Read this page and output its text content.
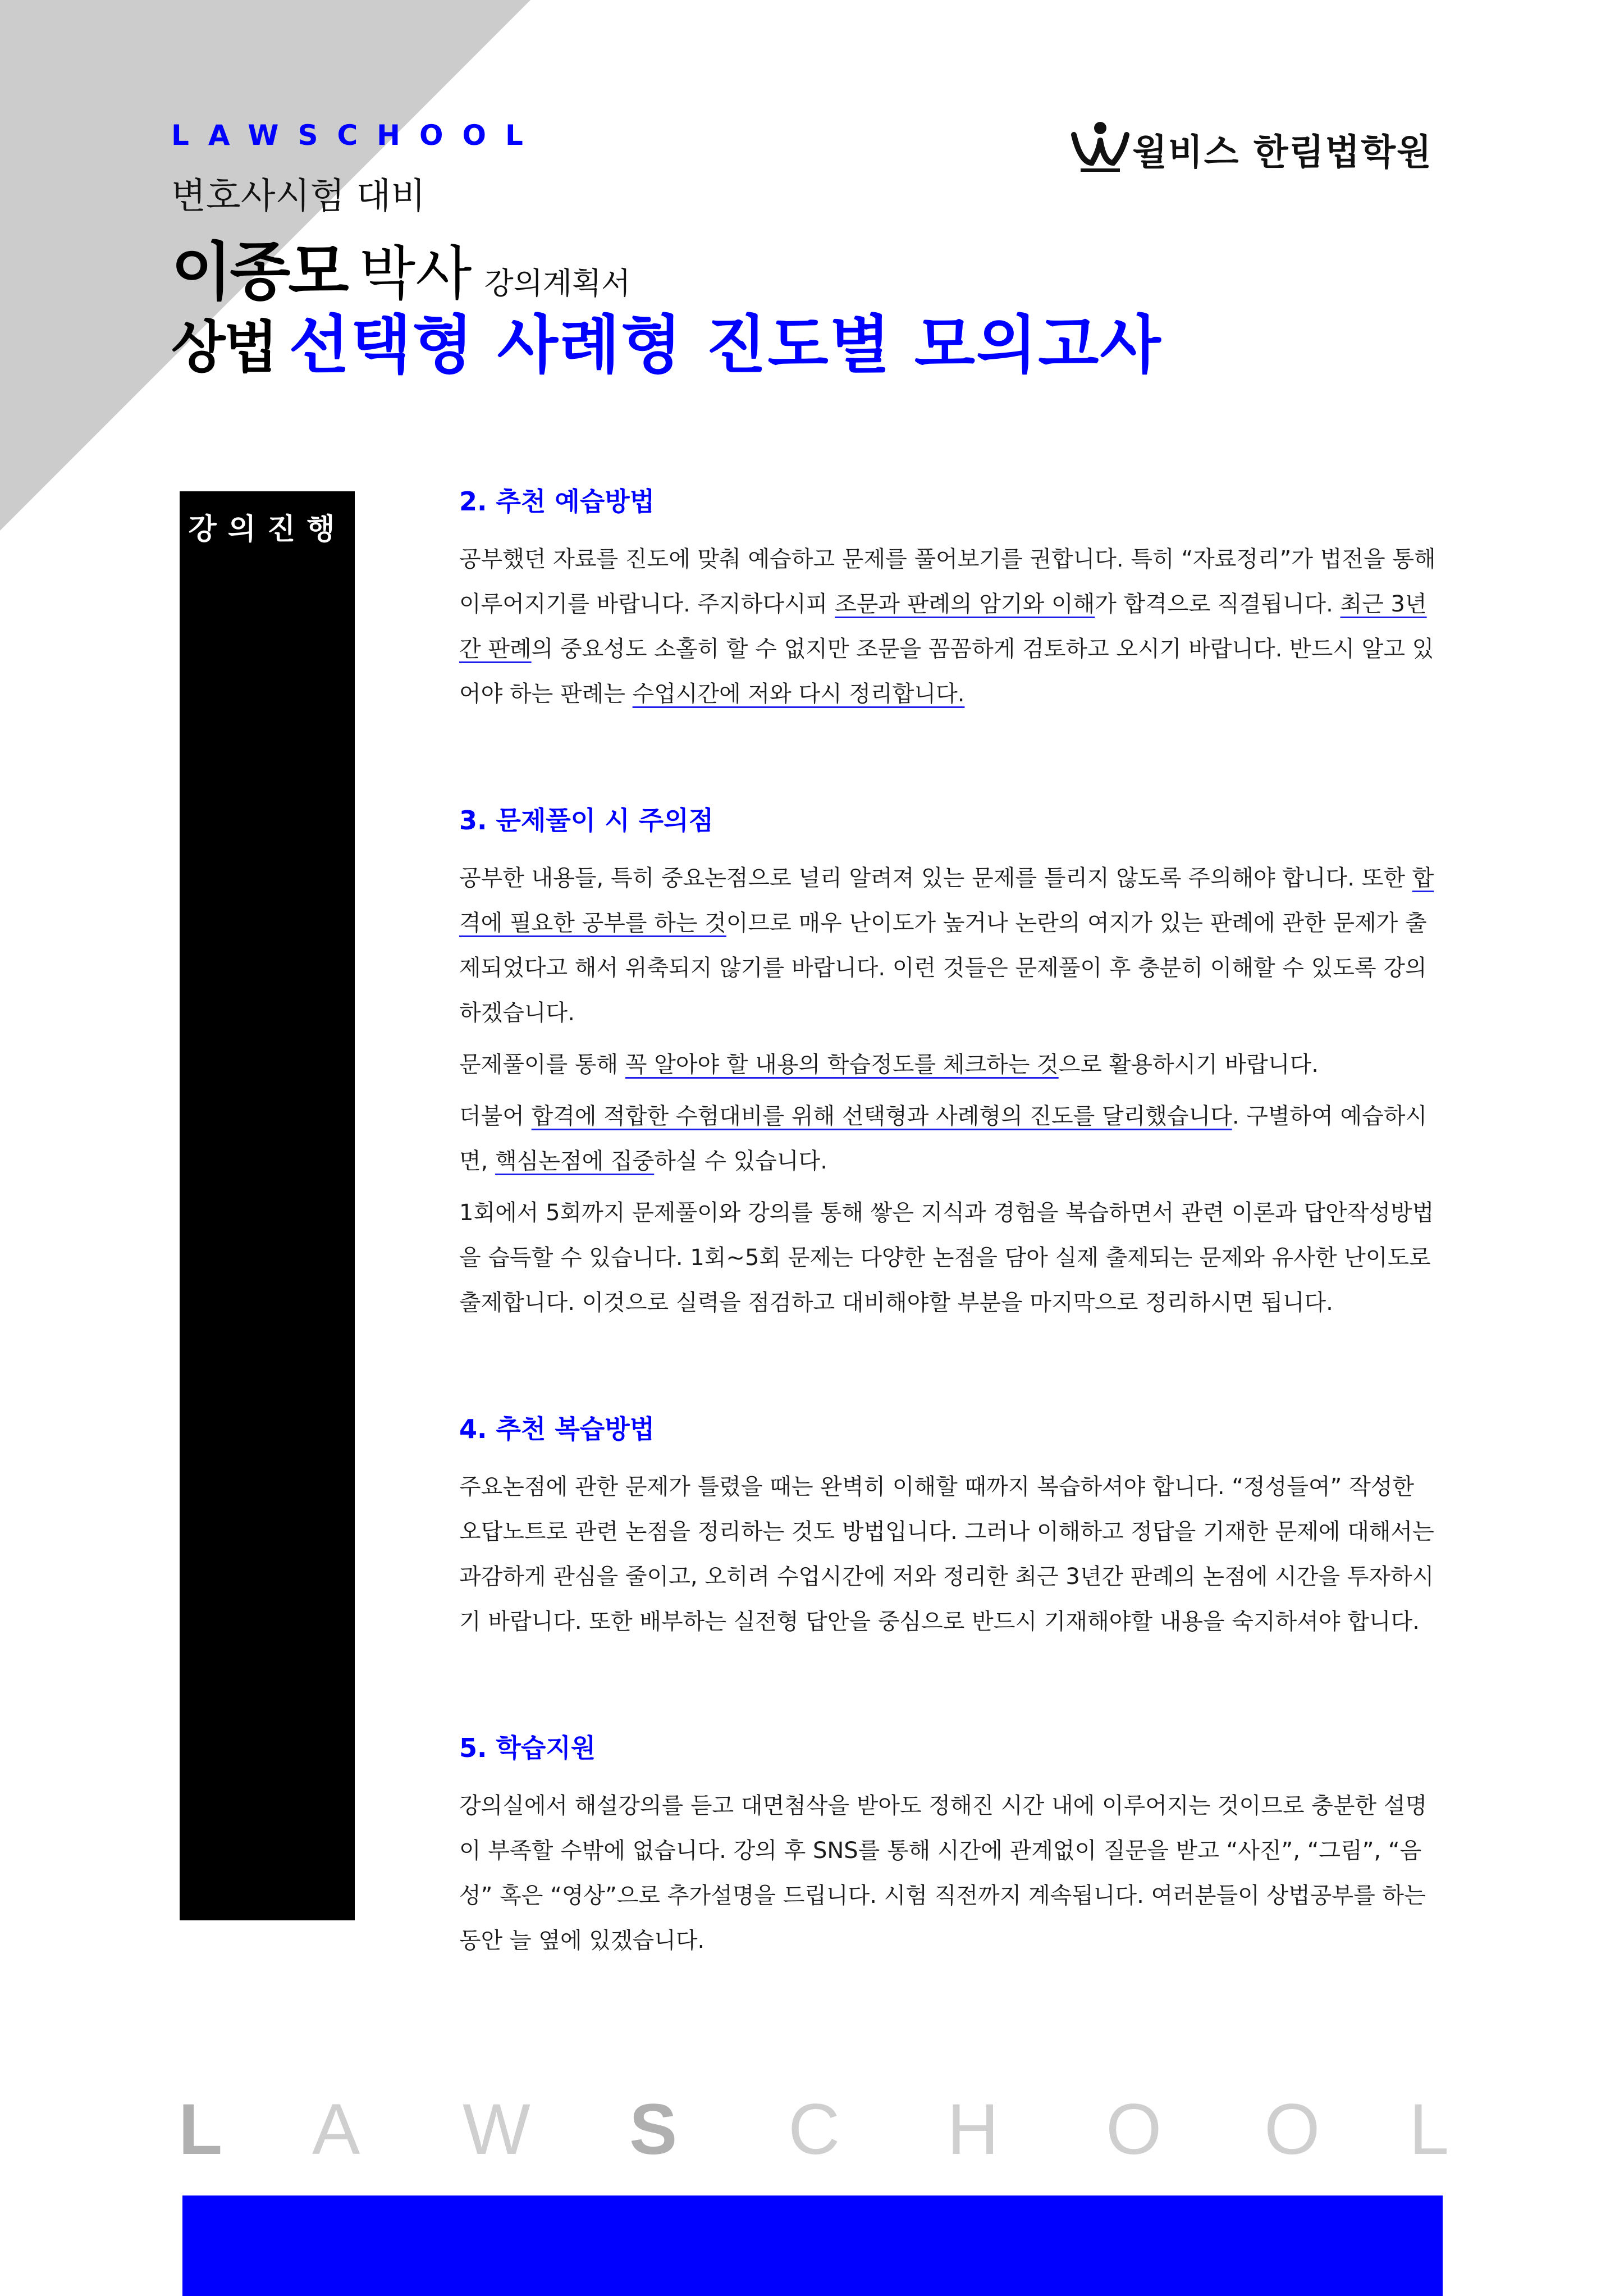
LAWSCHOOL	윌비스 한림법학원
변호사시험 대비
이종모 박사 강의계획서
상법 선택형 사례형 진도별 모의고사
강의진행
2. 추천 예습방법

공부했던 자료를 진도에 맞춰 예습하고 문제를 풀어보기를 권합니다. 특히 “자료정리”가 법전을 통해 이루어지기를 바랍니다. 주지하다시피 조문과 판례의 암기와 이해가 합격으로 직결됩니다. 최근 3년간 판례의 중요성도 소홀히 할 수 없지만 조문을 꼼꼼하게 검토하고 오시기 바랍니다. 반드시 알고 있어야 하는 판례는 수업시간에 저와 다시 정리합니다.

3. 문제풀이 시 주의점

공부한 내용들, 특히 중요논점으로 널리 알려져 있는 문제를 틀리지 않도록 주의해야 합니다. 또한 합격에 필요한 공부를 하는 것이므로 매우 난이도가 높거나 논란의 여지가 있는 판례에 관한 문제가 출제되었다고 해서 위축되지 않기를 바랍니다. 이런 것들은 문제풀이 후 충분히 이해할 수 있도록 강의하겠습니다.

문제풀이를 통해 꼭 알아야 할 내용의 학습정도를 체크하는 것으로 활용하시기 바랍니다.

더불어 합격에 적합한 수험대비를 위해 선택형과 사례형의 진도를 달리했습니다. 구별하여 예습하시면, 핵심논점에 집중하실 수 있습니다.

1회에서 5회까지 문제풀이와 강의를 통해 쌓은 지식과 경험을 복습하면서 관련 이론과 답안작성방법을 습득할 수 있습니다. 1회~5회 문제는 다양한 논점을 담아 실제 출제되는 문제와 유사한 난이도로 출제합니다. 이것으로 실력을 점검하고 대비해야할 부분을 마지막으로 정리하시면 됩니다.

4. 추천 복습방법

주요논점에 관한 문제가 틀렸을 때는 완벽히 이해할 때까지 복습하셔야 합니다. “정성들여” 작성한 오답노트로 관련 논점을 정리하는 것도 방법입니다. 그러나 이해하고 정답을 기재한 문제에 대해서는 과감하게 관심을 줄이고, 오히려 수업시간에 저와 정리한 최근 3년간 판례의 논점에 시간을 투자하시기 바랍니다. 또한 배부하는 실전형 답안을 중심으로 반드시 기재해야할 내용을 숙지하셔야 합니다.

5. 학습지원

강의실에서 해설강의를 듣고 대면첨삭을 받아도 정해진 시간 내에 이루어지는 것이므로 충분한 설명이 부족할 수밖에 없습니다. 강의 후 SNS를 통해 시간에 관계없이 질문을 받고 “사진”, “그림”, “음성” 혹은 “영상”으로 추가설명을 드립니다. 시험 직전까지 계속됩니다. 여러분들이 상법공부를 하는 동안 늘 옆에 있겠습니다.

L A W S C H O O L
